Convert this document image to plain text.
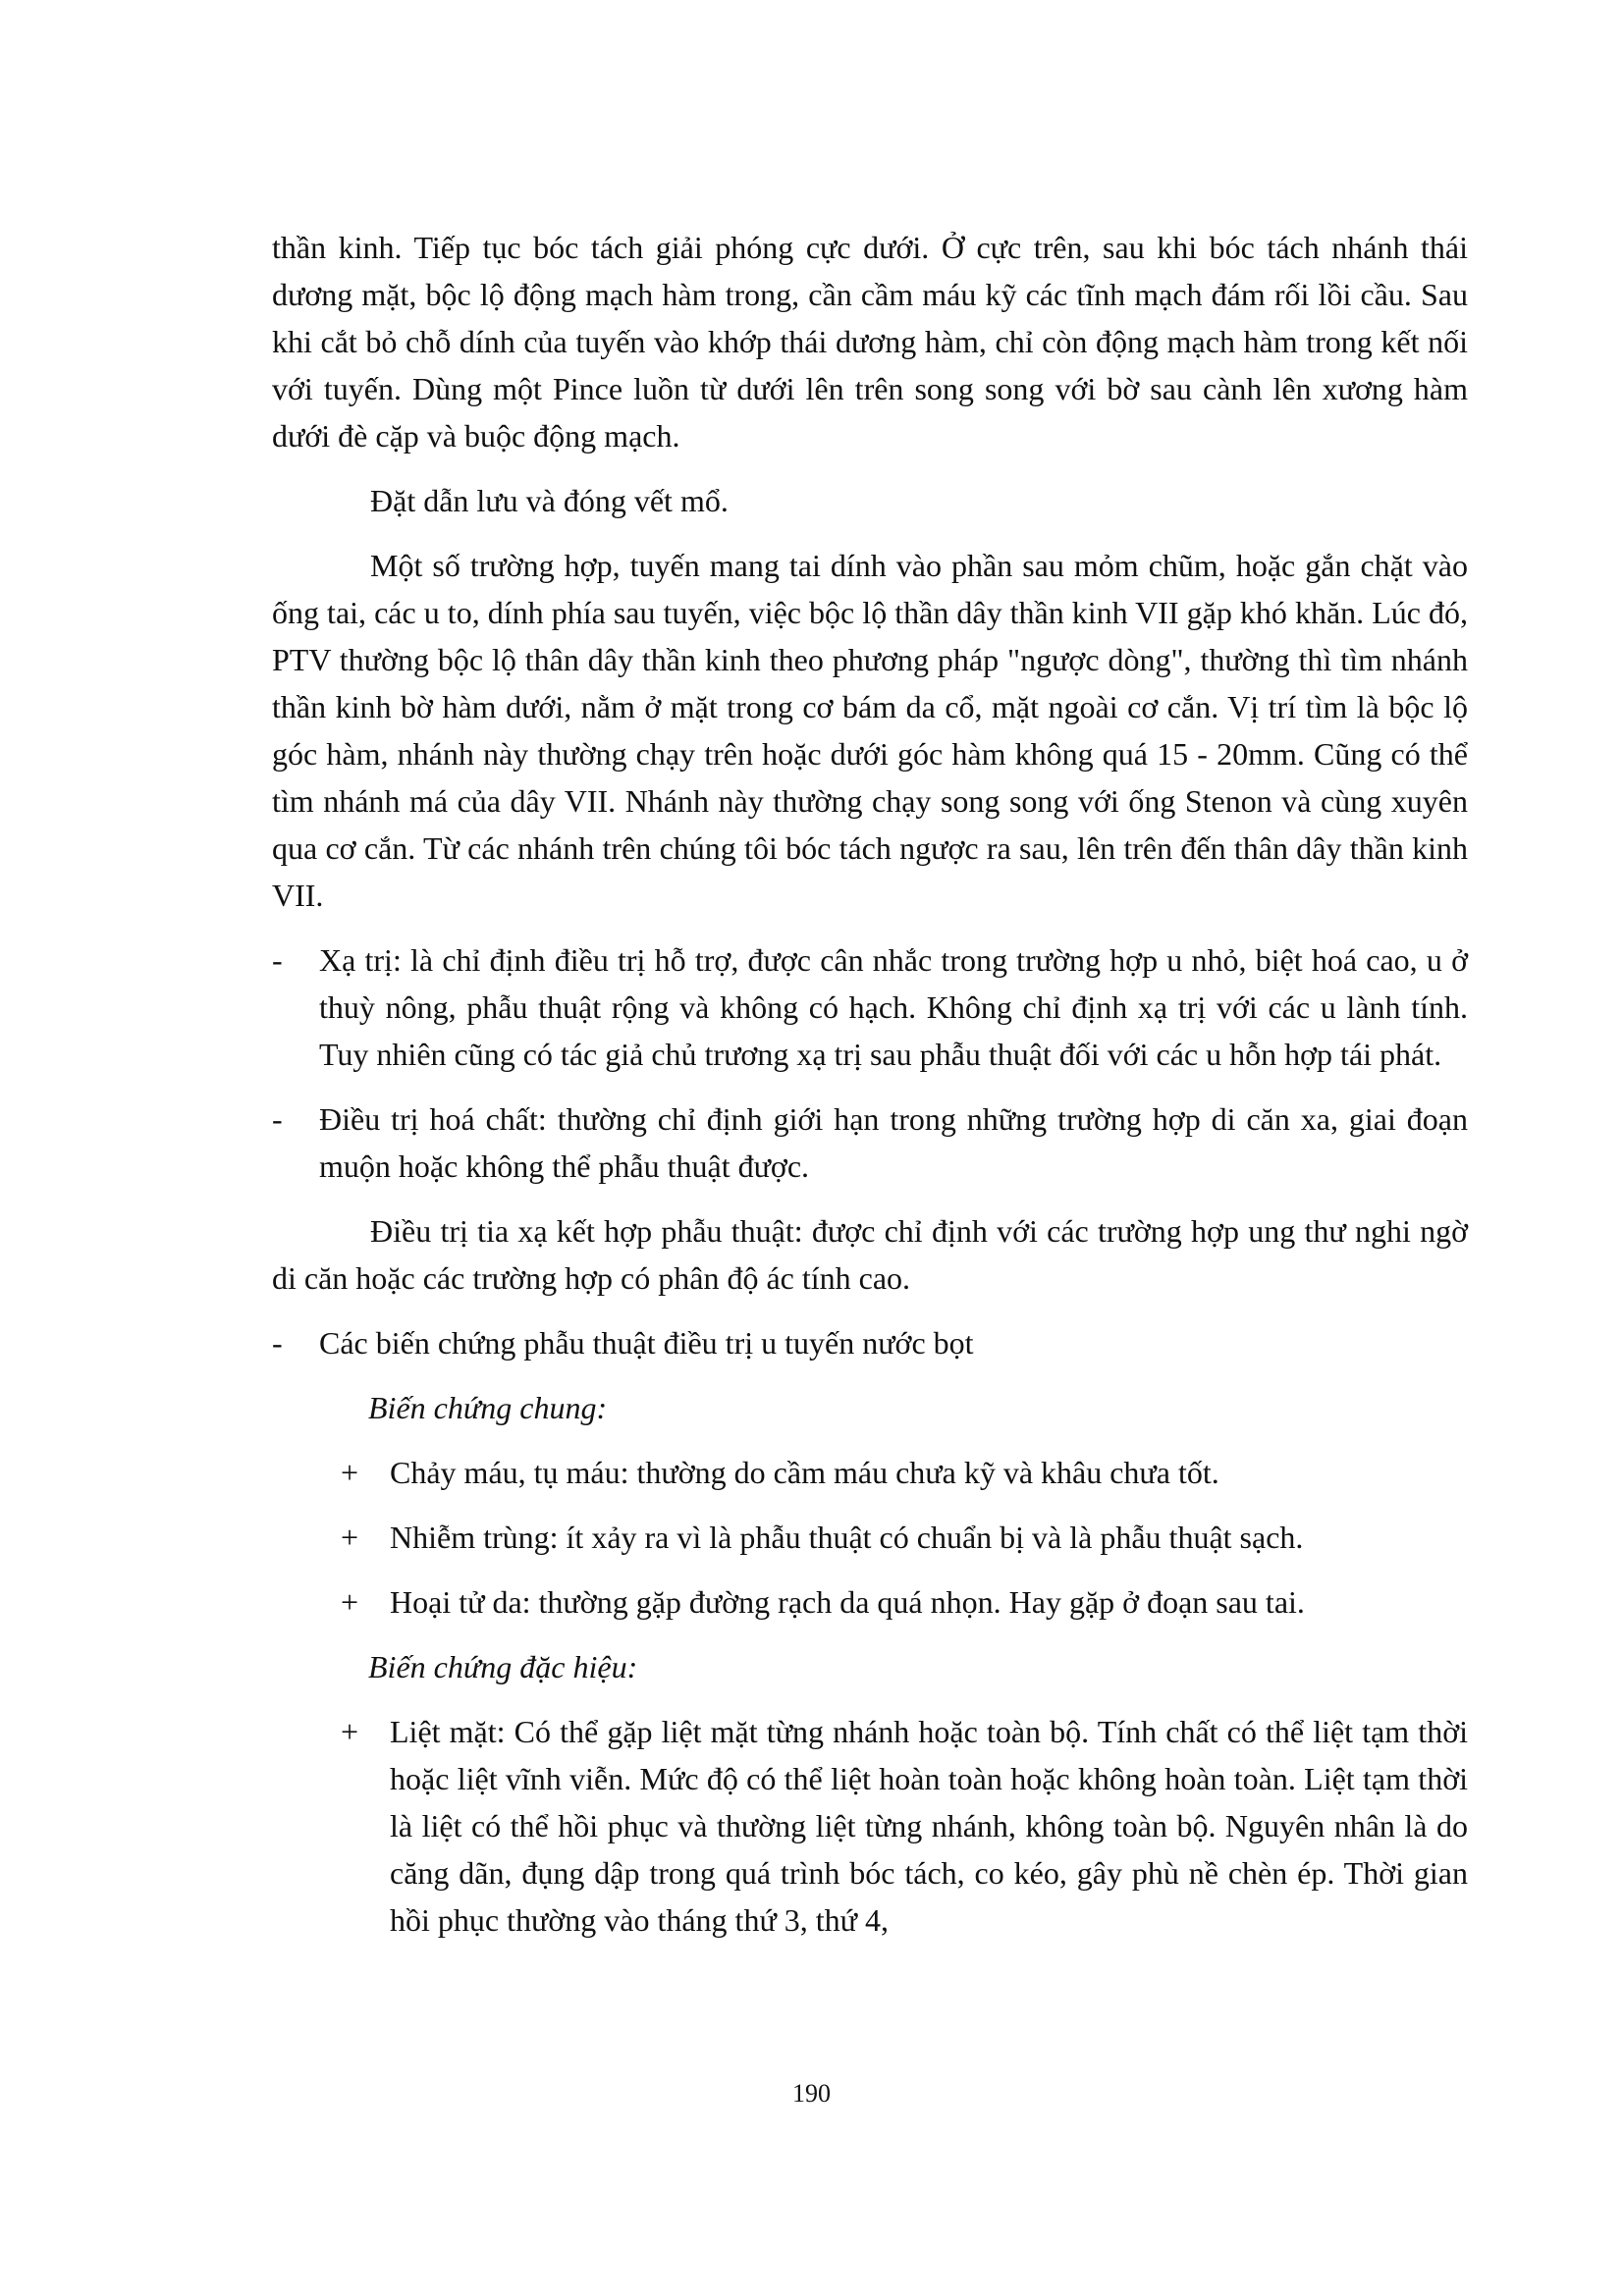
thần kinh. Tiếp tục bóc tách giải phóng cực dưới. Ở cực trên, sau khi bóc tách nhánh thái dương mặt, bộc lộ động mạch hàm trong, cần cầm máu kỹ các tĩnh mạch đám rối lồi cầu. Sau khi cắt bỏ chỗ dính của tuyến vào khớp thái dương hàm, chỉ còn động mạch hàm trong kết nối với tuyến. Dùng một Pince luồn từ dưới lên trên song song với bờ sau cành lên xương hàm dưới đè cặp và buộc động mạch.

Đặt dẫn lưu và đóng vết mổ.

Một số trường hợp, tuyến mang tai dính vào phần sau mỏm chũm, hoặc gắn chặt vào ống tai, các u to, dính phía sau tuyến, việc bộc lộ thần dây thần kinh VII gặp khó khăn. Lúc đó, PTV thường bộc lộ thân dây thần kinh theo phương pháp "ngược dòng", thường thì tìm nhánh thần kinh bờ hàm dưới, nằm ở mặt trong cơ bám da cổ, mặt ngoài cơ cắn. Vị trí tìm là bộc lộ góc hàm, nhánh này thường chạy trên hoặc dưới góc hàm không quá 15 - 20mm. Cũng có thể tìm nhánh má của dây VII. Nhánh này thường chạy song song với ống Stenon và cùng xuyên qua cơ cắn. Từ các nhánh trên chúng tôi bóc tách ngược ra sau, lên trên đến thân dây thần kinh VII.

- Xạ trị: là chỉ định điều trị hỗ trợ, được cân nhắc trong trường hợp u nhỏ, biệt hoá cao, u ở thuỳ nông, phẫu thuật rộng và không có hạch. Không chỉ định xạ trị với các u lành tính. Tuy nhiên cũng có tác giả chủ trương xạ trị sau phẫu thuật đối với các u hỗn hợp tái phát.
- Điều trị hoá chất: thường chỉ định giới hạn trong những trường hợp di căn xa, giai đoạn muộn hoặc không thể phẫu thuật được.

Điều trị tia xạ kết hợp phẫu thuật: được chỉ định với các trường hợp ung thư nghi ngờ di căn hoặc các trường hợp có phân độ ác tính cao.

- Các biến chứng phẫu thuật điều trị u tuyến nước bọt
Biến chứng chung:
+ Chảy máu, tụ máu: thường do cầm máu chưa kỹ và khâu chưa tốt.
+ Nhiễm trùng: ít xảy ra vì là phẫu thuật có chuẩn bị và là phẫu thuật sạch.
+ Hoại tử da: thường gặp đường rạch da quá nhọn. Hay gặp ở đoạn sau tai.
Biến chứng đặc hiệu:
+ Liệt mặt: Có thể gặp liệt mặt từng nhánh hoặc toàn bộ. Tính chất có thể liệt tạm thời hoặc liệt vĩnh viễn. Mức độ có thể liệt hoàn toàn hoặc không hoàn toàn. Liệt tạm thời là liệt có thể hồi phục và thường liệt từng nhánh, không toàn bộ. Nguyên nhân là do căng dãn, đụng dập trong quá trình bóc tách, co kéo, gây phù nề chèn ép. Thời gian hồi phục thường vào tháng thứ 3, thứ 4,
190
